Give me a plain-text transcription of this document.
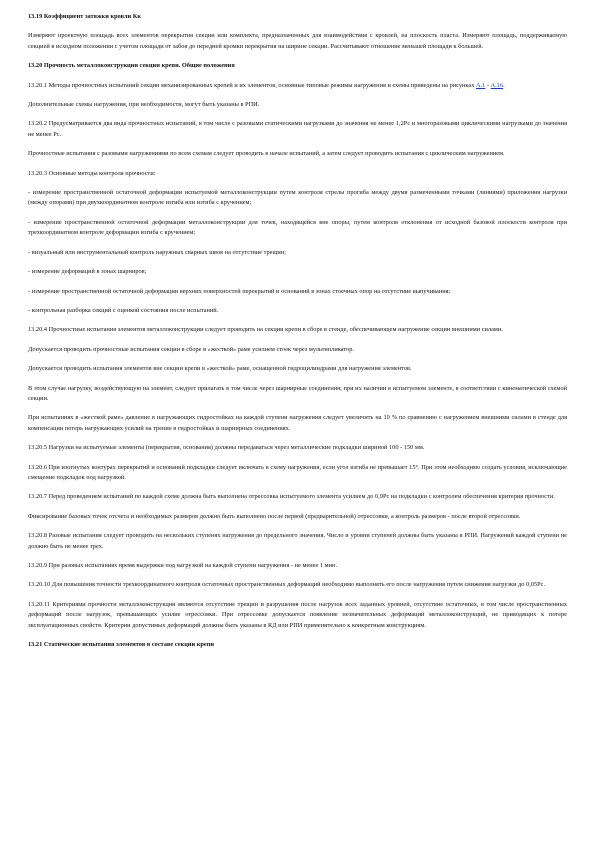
13.19 Коэффициент затяжки кровли Кк

Измеряют проектную площадь всех элементов перекрытия секции или комплекта, предназначенных для взаимодействия с кровлей, на плоскость пласта. Измеряют площадь, поддерживаемую секцией в исходном положении с учетом площади от забоя до передней кромки перекрытия на ширине секции. Рассчитывают отношение меньшей площади к большей.

13.20 Прочность металлоконструкции секции крепи. Общие положения

13.20.1 Методы прочностных испытаний секции механизированных крепей и их элементов, основные типовые режимы нагружения и схемы приведены на рисунках А.1 - А.16.

Дополнительные схемы нагружения, при необходимости, могут быть указаны в РПИ.

13.20.2 Предусматривается два вида прочностных испытаний, в том числе с разовыми статическими нагрузками до значения не менее 1,2Рс и многоразовыми циклическими нагрузками до значения не менее Рс.

Прочностные испытания с разовыми нагружениями по всем схемам следует проводить в начале испытаний, а затем следует проводить испытания с циклическим нагружением.

13.20.3 Основные методы контроля прочности:

- измерение пространственной остаточной деформации испытуемой металлоконструкции путем контроля стрелы прогиба между двумя размеченными точками (линиями) приложения нагрузки (между опорами) при двухкоординатном контроле изгиба или изгиба с кручением;

- измерение пространственной остаточной деформации металлоконструкции для точек, находящейся вне опоры, путем контроля отклонения от исходной базовой плоскости контроля при трехкоординатном контроле деформации изгиба с кручением;

- визуальный или инструментальный контроль наружных сварных швов на отсутствие трещин;

- измерение деформаций в зонах шарниров;

- измерение пространственной остаточной деформации верхних поверхностей перекрытий и оснований в зонах стоечных опор на отсутствие выпучивания;

- контрольная разборка секций с оценкой состояния после испытаний.

13.20.4 Прочностные испытания элементов металлоконструкции следует проводить на секции крепи в сборе в стенде, обеспечивающем нагружение секции внешними силами.

Допускается проводить прочностные испытания секции в сборе в «жесткой» раме усилием стоек через мультипликатор.

Допускается проводить испытания элементов вне секции крепи в «жесткой» раме, оснащенной гидроцилиндрами для нагружения элементов.

В этом случае нагрузку, воздействующую на элемент, следует прилагать в том числе через шарнирные соединения; при их наличии в испытуемом элементе, в соответствии с кинематической схемой секции.

При испытаниях в «жесткой раме» давление в нагружающих гидростойках на каждой ступени нагружения следует увеличить на 10 % по сравнению с нагружением внешними силами в стенде для компенсации потерь нагружающих усилий на трение в гидростойках и шарнирных соединениях.

13.20.5 Нагрузки на испытуемые элементы (перекрытия, основания) должны передаваться через металлические подкладки шириной 100 - 150 мм.

13.20.6 При изогнутых контурах перекрытий и оснований подкладки следует включать в схему нагружения, если угол изгиба не превышает 15°. При этом необходимо создать условия, исключающие смещение подкладок под нагрузкой.

13.20.7 Перед проведением испытаний по каждой схеме должна быть выполнена отрессовка испытуемого элемента усилием до 0,9Рс на подкладки с контролем обеспечения критерия прочности.

Фиксирование базовых точек отсчета и необходимых размеров должно быть выполнено после первой (предварительной) отрессовки, а контроль размеров - после второй отрессовки.

13.20.8 Разовые испытания следует проводить на нескольких ступенях нагружения до предельного значения. Число и уровни ступеней должны быть указаны в РПИ. Нагружений каждой ступени не должно быть не менее трех.

13.20.9 При разовых испытаниях время выдержки под нагрузкой на каждой ступени нагружения - не менее 1 мин.

13.20.10 Для повышения точности трехкоординатного контроля остаточных пространственных деформаций необходимо выполнять его после нагружения путем снижения нагрузки до 0,05Рс.

13.20.11 Критериями прочности металлоконструкции являются отсутствие трещин и разрушения после нагрузок всех заданных уровней, отсутствие остаточных, в том числе пространственных деформаций после нагрузок, превышающих усилие отрессовки. При отрессовке допускается появление незначительных деформаций металлоконструкций, не приводящих к потере эксплуатационных свойств. Критерии допустимых деформаций должны быть указаны в КД или РПИ применительно к конкретным конструкциям.

13.21 Статические испытания элементов в составе секции крепи
